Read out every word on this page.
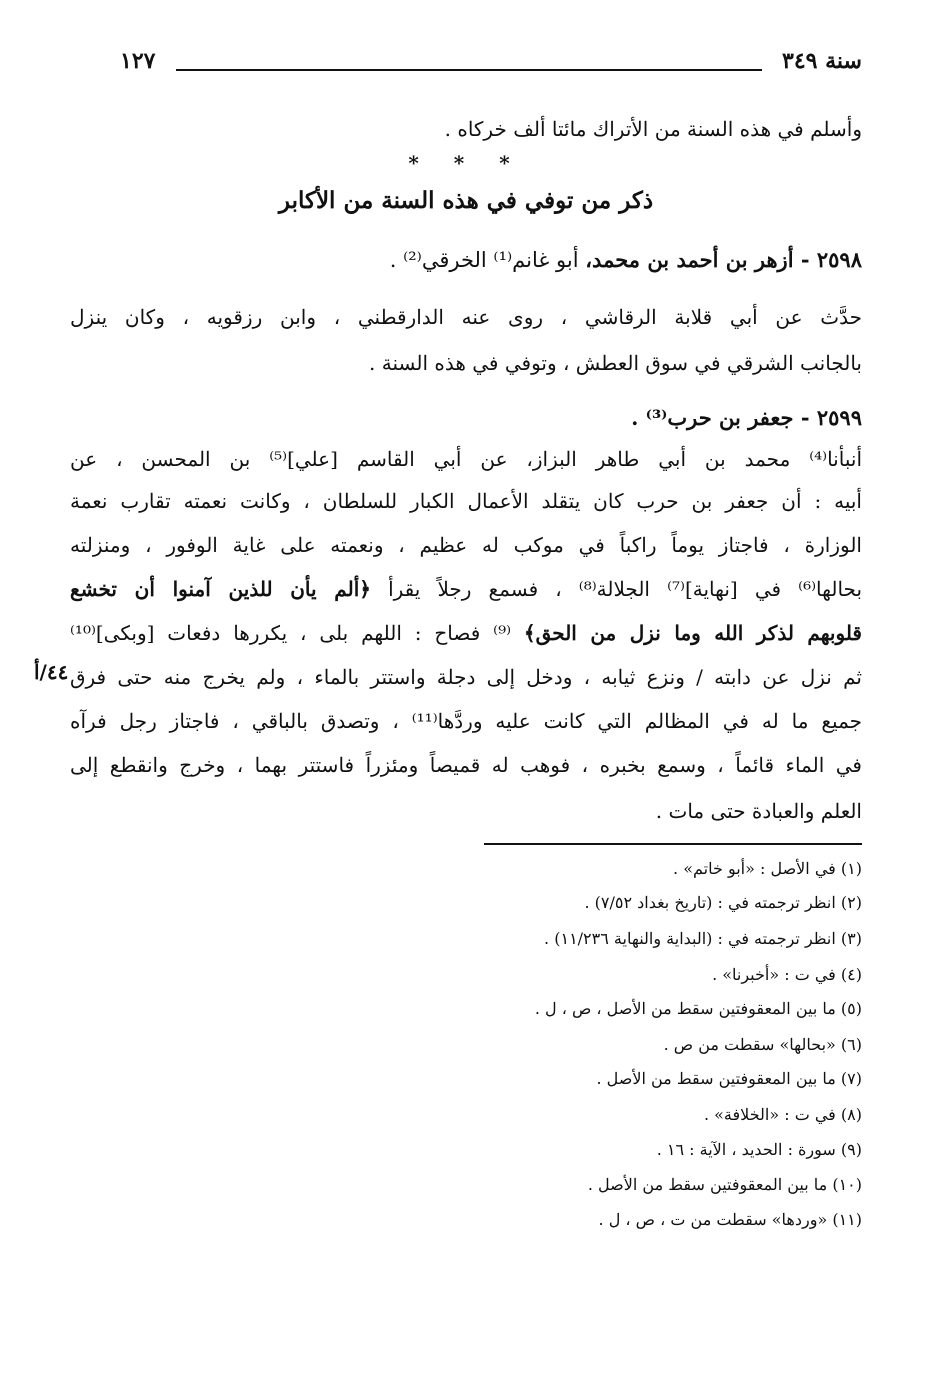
سنة ٣٤٩
١٢٧
وأسلم في هذه السنة من الأتراك مائتا ألف خركاه .
* * *
ذكر من توفي في هذه السنة من الأكابر
٢٥٩٨ - أزهر بن أحمد بن محمد، أبو غانم⁽¹⁾ الخرقي⁽²⁾ .
حدَّث عن أبي قلابة الرقاشي ، روى عنه الدارقطني ، وابن رزقويه ، وكان ينزل
بالجانب الشرقي في سوق العطش ، وتوفي في هذه السنة .
٢٥٩٩ - جعفر بن حرب⁽³⁾ .
أنبأنا⁽⁴⁾ محمد بن أبي طاهر البزاز، عن أبي القاسم [علي]⁽⁵⁾ بن المحسن ، عن
أبيه : أن جعفر بن حرب كان يتقلد الأعمال الكبار للسلطان ، وكانت نعمته تقارب نعمة
الوزارة ، فاجتاز يوماً راكباً في موكب له عظيم ، ونعمته على غاية الوفور ، ومنزلته
بحالها⁽⁶⁾ في [نهاية]⁽⁷⁾ الجلالة⁽⁸⁾ ، فسمع رجلاً يقرأ ﴿ألم يأن للذين آمنوا أن تخشع
قلوبهم لذكر الله وما نزل من الحق﴾ ⁽⁹⁾ فصاح : اللهم بلى ، يكررها دفعات [وبكى]⁽¹⁰⁾
ثم نزل عن دابته / ونزع ثيابه ، ودخل إلى دجلة واستتر بالماء ، ولم يخرج منه حتى فرق
٤٤/أ
جميع ما له في المظالم التي كانت عليه وردَّها⁽¹¹⁾ ، وتصدق بالباقي ، فاجتاز رجل فرآه
في الماء قائماً ، وسمع بخبره ، فوهب له قميصاً ومئزراً فاستتر بهما ، وخرج وانقطع إلى
العلم والعبادة حتى مات .
(١) في الأصل : «أبو خاتم» .
(٢) انظر ترجمته في : (تاريخ بغداد ٧/٥٢) .
(٣) انظر ترجمته في : (البداية والنهاية ١١/٢٣٦) .
(٤) في ت : «أخبرنا» .
(٥) ما بين المعقوفتين سقط من الأصل ، ص ، ل .
(٦) «بحالها» سقطت من ص .
(٧) ما بين المعقوفتين سقط من الأصل .
(٨) في ت : «الخلافة» .
(٩) سورة : الحديد ، الآية : ١٦ .
(١٠) ما بين المعقوفتين سقط من الأصل .
(١١) «وردها» سقطت من ت ، ص ، ل .
